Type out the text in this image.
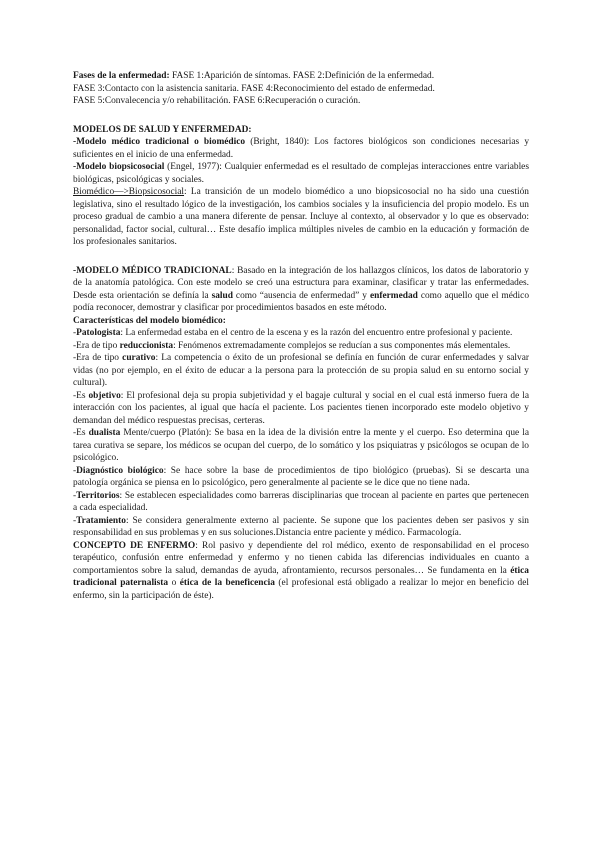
Fases de la enfermedad: FASE 1:Aparición de síntomas. FASE 2:Definición de la enfermedad.
FASE 3:Contacto con la asistencia sanitaria. FASE 4:Reconocimiento del estado de enfermedad.
FASE 5:Convalecencia y/o rehabilitación. FASE 6:Recuperación o curación.

MODELOS DE SALUD Y ENFERMEDAD:

-Modelo médico tradicional o biomédico (Bright, 1840): Los factores biológicos son condiciones necesarias y suficientes en el inicio de una enfermedad.

-Modelo biopsicosocial (Engel, 1977): Cualquier enfermedad es el resultado de complejas interacciones entre variables biológicas, psicológicas y sociales.

Biomédico—>Biopsicosocial: La transición de un modelo biomédico a uno biopsicosocial no ha sido una cuestión legislativa, sino el resultado lógico de la investigación, los cambios sociales y la insuficiencia del propio modelo. Es un proceso gradual de cambio a una manera diferente de pensar. Incluye al contexto, al observador y lo que es observado: personalidad, factor social, cultural… Este desafío implica múltiples niveles de cambio en la educación y formación de los profesionales sanitarios.

-MODELO MÉDICO TRADICIONAL: Basado en la integración de los hallazgos clínicos, los datos de laboratorio y de la anatomía patológica. Con este modelo se creó una estructura para examinar, clasificar y tratar las enfermedades. Desde esta orientación se definía la salud como “ausencia de enfermedad” y enfermedad como aquello que el médico podía reconocer, demostrar y clasificar por procedimientos basados en este método.

Características del modelo biomédico:

-Patologista: La enfermedad estaba en el centro de la escena y es la razón del encuentro entre profesional y paciente.

-Era de tipo reduccionista: Fenómenos extremadamente complejos se reducían a sus componentes más elementales.

-Era de tipo curativo: La competencia o éxito de un profesional se definía en función de curar enfermedades y salvar vidas (no por ejemplo, en el éxito de educar a la persona para la protección de su propia salud en su entorno social y cultural).

-Es objetivo: El profesional deja su propia subjetividad y el bagaje cultural y social en el cual está inmerso fuera de la interacción con los pacientes, al igual que hacía el paciente. Los pacientes tienen incorporado este modelo objetivo y demandan del médico respuestas precisas, certeras.

-Es dualista Mente/cuerpo (Platón): Se basa en la idea de la división entre la mente y el cuerpo. Eso determina que la tarea curativa se separe, los médicos se ocupan del cuerpo, de lo somático y los psiquiatras y psicólogos se ocupan de lo psicológico.

-Diagnóstico biológico: Se hace sobre la base de procedimientos de tipo biológico (pruebas). Si se descarta una patología orgánica se piensa en lo psicológico, pero generalmente al paciente se le dice que no tiene nada.

-Territorios: Se establecen especialidades como barreras disciplinarias que trocean al paciente en partes que pertenecen a cada especialidad.

-Tratamiento: Se considera generalmente externo al paciente. Se supone que los pacientes deben ser pasivos y sin responsabilidad en sus problemas y en sus soluciones.Distancia entre paciente y médico. Farmacología.

CONCEPTO DE ENFERMO: Rol pasivo y dependiente del rol médico, exento de responsabilidad en el proceso terapéutico, confusión entre enfermedad y enfermo y no tienen cabida las diferencias individuales en cuanto a comportamientos sobre la salud, demandas de ayuda, afrontamiento, recursos personales… Se fundamenta en la ética tradicional paternalista o ética de la beneficencia (el profesional está obligado a realizar lo mejor en beneficio del enfermo, sin la participación de éste).
